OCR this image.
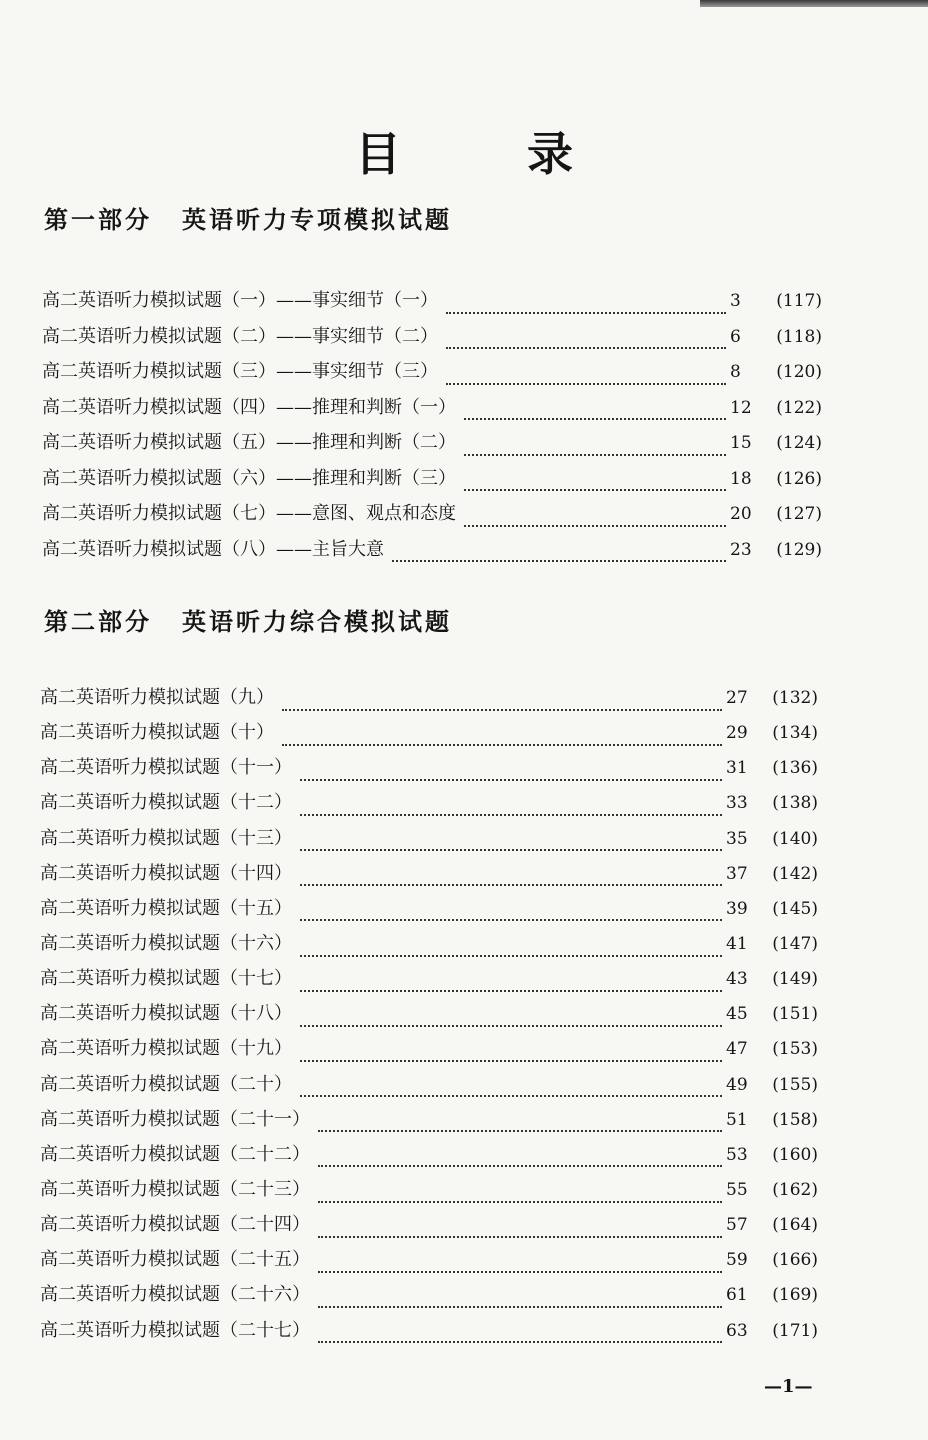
目　录
第一部分 英语听力专项模拟试题
高二英语听力模拟试题（一） ——事实细节（一）	3	(117)
高二英语听力模拟试题（二） ——事实细节（二）	6	(118)
高二英语听力模拟试题（三） ——事实细节（三）	8	(120)
高二英语听力模拟试题（四） ——推理和判断（一）	12	(122)
高二英语听力模拟试题（五） ——推理和判断（二）	15	(124)
高二英语听力模拟试题（六） ——推理和判断（三）	18	(126)
高二英语听力模拟试题（七） ——意图、观点和态度	20	(127)
高二英语听力模拟试题（八） ——主旨大意	23	(129)
第二部分 英语听力综合模拟试题
高二英语听力模拟试题（九）	27	(132)
高二英语听力模拟试题（十）	29	(134)
高二英语听力模拟试题（十一）	31	(136)
高二英语听力模拟试题（十二）	33	(138)
高二英语听力模拟试题（十三）	35	(140)
高二英语听力模拟试题（十四）	37	(142)
高二英语听力模拟试题（十五）	39	(145)
高二英语听力模拟试题（十六）	41	(147)
高二英语听力模拟试题（十七）	43	(149)
高二英语听力模拟试题（十八）	45	(151)
高二英语听力模拟试题（十九）	47	(153)
高二英语听力模拟试题（二十）	49	(155)
高二英语听力模拟试题（二十一）	51	(158)
高二英语听力模拟试题（二十二）	53	(160)
高二英语听力模拟试题（二十三）	55	(162)
高二英语听力模拟试题（二十四）	57	(164)
高二英语听力模拟试题（二十五）	59	(166)
高二英语听力模拟试题（二十六）	61	(169)
高二英语听力模拟试题（二十七）	63	(171)
—1—
